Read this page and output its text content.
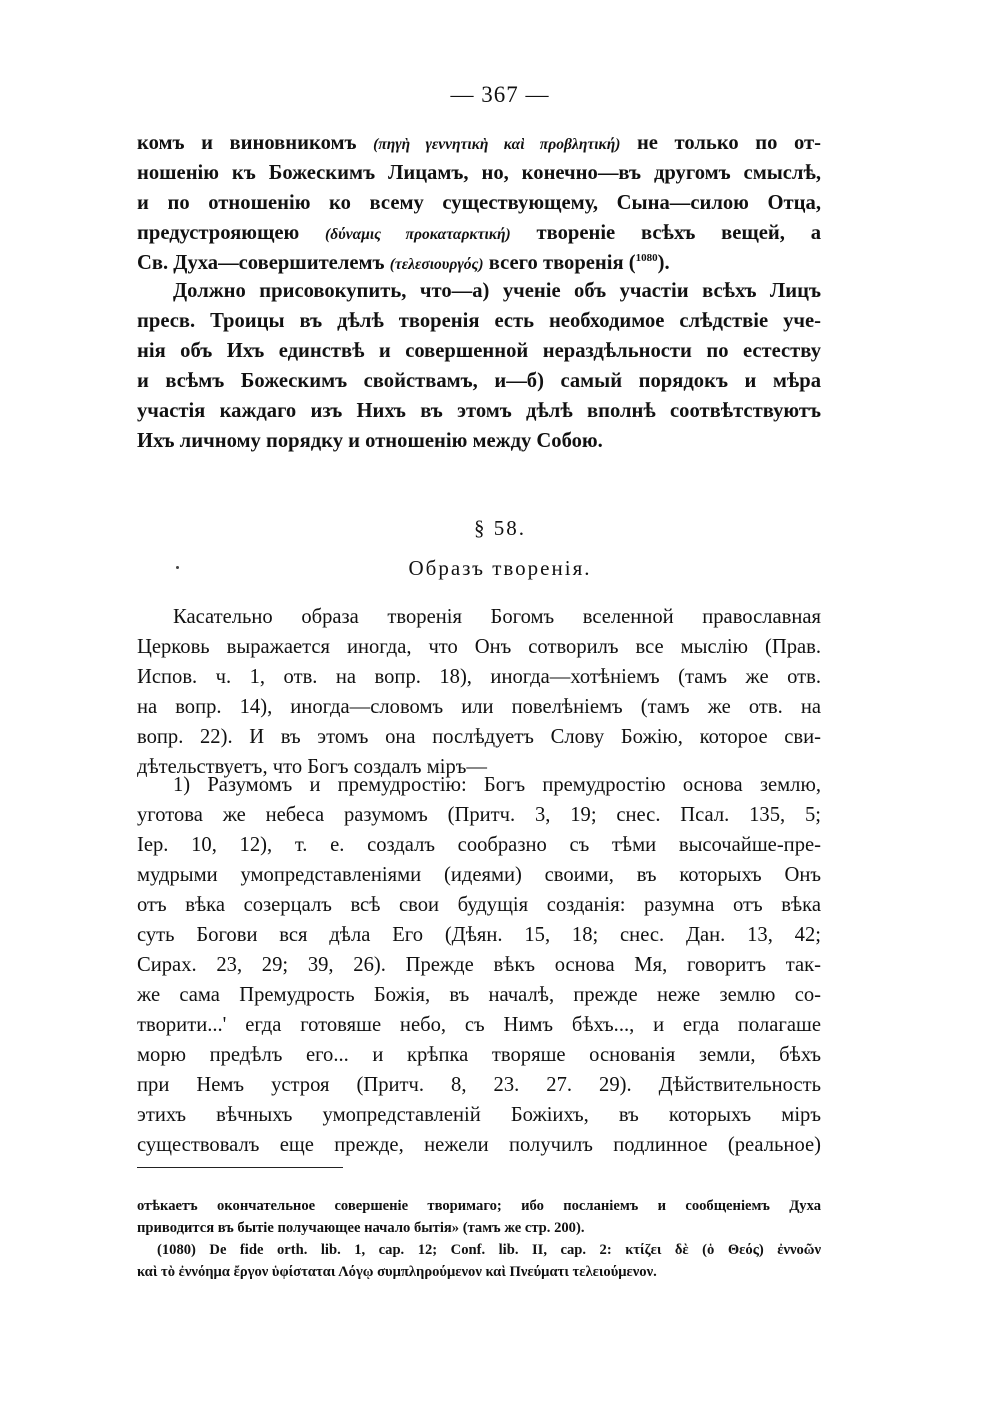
— 367 —
комъ и виновникомъ (πηγὴ γεννητικὴ καὶ προβλητική) не только по от-
ношенію къ Божескимъ Лицамъ, но, конечно—въ другомъ смыслѣ,
и по отношенію ко всему существующему, Сына—силою Отца,
предустрояющею (δύναμις προκαταρκτική) твореніе всѣхъ вещей, а
Св. Духа—совершителемъ (τελεσιουργός) всего творенія ($^{1080}$).
Должно присовокупить, что—а) ученіе объ участіи всѣхъ Лицъ
пресв. Троицы въ дѣлѣ творенія есть необходимое слѣдствіе уче-
нія объ Ихъ единствѣ и совершенной нераздѣльности по естеству
и всѣмъ Божескимъ свойствамъ, и—б) самый порядокъ и мѣра
участія каждаго изъ Нихъ въ этомъ дѣлѣ вполнѣ соотвѣтствуютъ
Ихъ личному порядку и отношенію между Собою.
§ 58.
Образъ творенія.
Касательно образа творенія Богомъ вселенной православная
Церковь выражается иногда, что Онъ сотворилъ все мыслію (Прав.
Испов. ч. 1, отв. на вопр. 18), иногда—хотѣніемъ (тамъ же отв.
на вопр. 14), иногда—словомъ или повелѣніемъ (тамъ же отв. на
вопр. 22). И въ этомъ она послѣдуетъ Слову Божію, которое сви-
дѣтельствуетъ, что Богъ создалъ міръ—
1) Разумомъ и премудростію: Богъ премудростію основа землю,
уготова же небеса разумомъ (Притч. 3, 19; снес. Псал. 135, 5;
Іер. 10, 12), т. е. создалъ сообразно съ тѣми высочайше-пре-
мудрыми умопредставленіями (идеями) своими, въ которыхъ Онъ
отъ вѣка созерцалъ всѣ свои будущія созданія: разумна отъ вѣка
суть Богови вся дѣла Его (Дѣян. 15, 18; снес. Дан. 13, 42;
Сирах. 23, 29; 39, 26). Прежде вѣкъ основа Мя, говоритъ так-
же сама Премудрость Божія, въ началѣ, прежде неже землю со-
творити...' егда готовяше небо, съ Нимъ бѣхъ..., и егда полагаше
морю предѣлъ его... и крѣпка творяше основанія земли, бѣхъ
при Немъ устроя (Притч. 8, 23. 27. 29). Дѣйствительность
этихъ вѣчныхъ умопредставленій Божіихъ, въ которыхъ міръ
существовалъ еще прежде, нежели получилъ подлинное (реальное)
отѣкаетъ окончательное совершеніе творимаго; ибо посланіемъ и сообщеніемъ Духа
приводится въ бытіе получающее начало бытія» (тамъ же стр. 200).
(1080) De fide orth. lib. 1, cap. 12; Conf. lib. II, cap. 2: κτίζει δὲ (ὁ Θεός) ἐννοῶν
καὶ τὸ ἐννόημα ἔργον ὑφίσταται Λόγῳ συμπληρούμενον καὶ Πνεύματι τελειούμενον.
